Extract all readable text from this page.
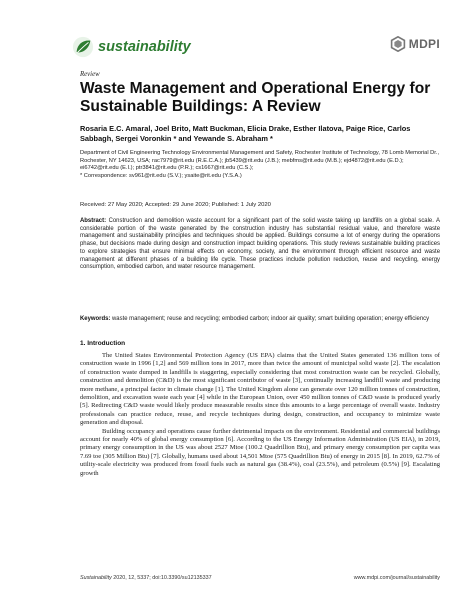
sustainability	MDPI
Review
Waste Management and Operational Energy for Sustainable Buildings: A Review
Rosaria E.C. Amaral, Joel Brito, Matt Buckman, Elicia Drake, Esther Ilatova, Paige Rice, Carlos Sabbagh, Sergei Voronkin * and Yewande S. Abraham *
Department of Civil Engineering Technology Environmental Management and Safety, Rochester Institute of Technology, 78 Lomb Memorial Dr., Rochester, NY 14623, USA; rac7979@rit.edu (R.E.C.A.); jb5439@rit.edu (J.B.); mebfms@rit.edu (M.B.); ejd4872@rit.edu (E.D.); ei6742@rit.edu (E.I.); ptr3841@rit.edu (P.R.); cs1667@rit.edu (C.S.);
* Correspondence: sv961@rit.edu (S.V.); ysaite@rit.edu (Y.S.A.)
Received: 27 May 2020; Accepted: 29 June 2020; Published: 1 July 2020
Abstract: Construction and demolition waste account for a significant part of the solid waste taking up landfills on a global scale. A considerable portion of the waste generated by the construction industry has substantial residual value, and therefore waste management and sustainability principles and techniques should be applied. Buildings consume a lot of energy during the operations phase, but decisions made during design and construction impact building operations. This study reviews sustainable building practices to explore strategies that ensure minimal effects on economy, society, and the environment through efficient resource and waste management at different phases of a building life cycle. These practices include pollution reduction, reuse and recycling, energy consumption, embodied carbon, and water resource management.
Keywords: waste management; reuse and recycling; embodied carbon; indoor air quality; smart building operation; energy efficiency
1. Introduction

The United States Environmental Protection Agency (US EPA) claims that the United States generated 136 million tons of construction waste in 1996 [1,2] and 569 million tons in 2017, more than twice the amount of municipal solid waste [2]. The escalation of construction waste dumped in landfills is staggering, especially considering that most construction waste can be recycled. Globally, construction and demolition (C&D) is the most significant contributor of waste [3], continually increasing landfill waste and producing more methane, a principal factor in climate change [1]. The United Kingdom alone can generate over 120 million tonnes of construction, demolition, and excavation waste each year [4] while in the European Union, over 450 million tonnes of C&D waste is produced yearly [5]. Redirecting C&D waste would likely produce measurable results since this amounts to a large percentage of overall waste. Industry professionals can practice reduce, reuse, and recycle techniques during design, construction, and occupancy to minimize waste generation and disposal.

Building occupancy and operations cause further detrimental impacts on the environment. Residential and commercial buildings account for nearly 40% of global energy consumption [6]. According to the US Energy Information Administration (US EIA), in 2019, primary energy consumption in the US was about 2527 Mtoe (100.2 Quadrillion Btu), and primary energy consumption per capita was 7.69 toe (305 Million Btu) [7]. Globally, humans used about 14,501 Mtoe (575 Quadrillion Btu) of energy in 2015 [8]. In 2019, 62.7% of utility-scale electricity was produced from fossil fuels such as natural gas (38.4%), coal (23.5%), and petroleum (0.5%) [9]. Escalating growth

Sustainability 2020, 12, 5337; doi:10.3390/su12135337	www.mdpi.com/journal/sustainability
